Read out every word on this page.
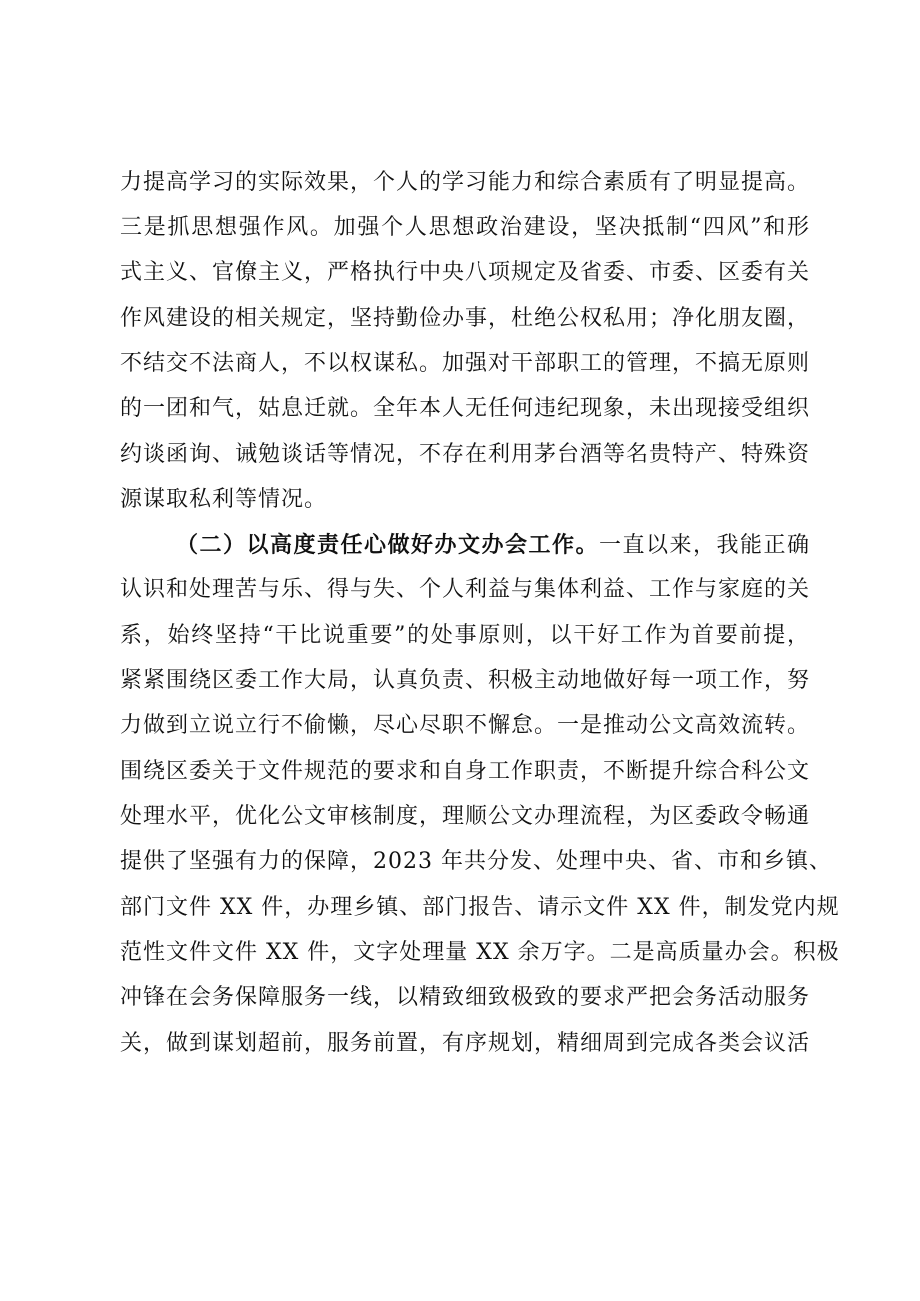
力提高学习的实际效果，个人的学习能力和综合素质有了明显提高。
三是抓思想强作风。加强个人思想政治建设，坚决抵制“四风”和形
式主义、官僚主义，严格执行中央八项规定及省委、市委、区委有关
作风建设的相关规定，坚持勤俭办事，杜绝公权私用；净化朋友圈，
不结交不法商人，不以权谋私。加强对干部职工的管理，不搞无原则
的一团和气，姑息迁就。全年本人无任何违纪现象，未出现接受组织
约谈函询、诫勉谈话等情况，不存在利用茅台酒等名贵特产、特殊资
源谋取私利等情况。
（二）以高度责任心做好办文办会工作。一直以来，我能正确
认识和处理苦与乐、得与失、个人利益与集体利益、工作与家庭的关
系，始终坚持“干比说重要”的处事原则，以干好工作为首要前提，
紧紧围绕区委工作大局，认真负责、积极主动地做好每一项工作，努
力做到立说立行不偷懒，尽心尽职不懈怠。一是推动公文高效流转。
围绕区委关于文件规范的要求和自身工作职责，不断提升综合科公文
处理水平，优化公文审核制度，理顺公文办理流程，为区委政令畅通
提供了坚强有力的保障，2023 年共分发、处理中央、省、市和乡镇、
部门文件 XX 件，办理乡镇、部门报告、请示文件 XX 件，制发党内规
范性文件文件 XX 件，文字处理量 XX 余万字。二是高质量办会。积极
冲锋在会务保障服务一线，以精致细致极致的要求严把会务活动服务
关，做到谋划超前，服务前置，有序规划，精细周到完成各类会议活
